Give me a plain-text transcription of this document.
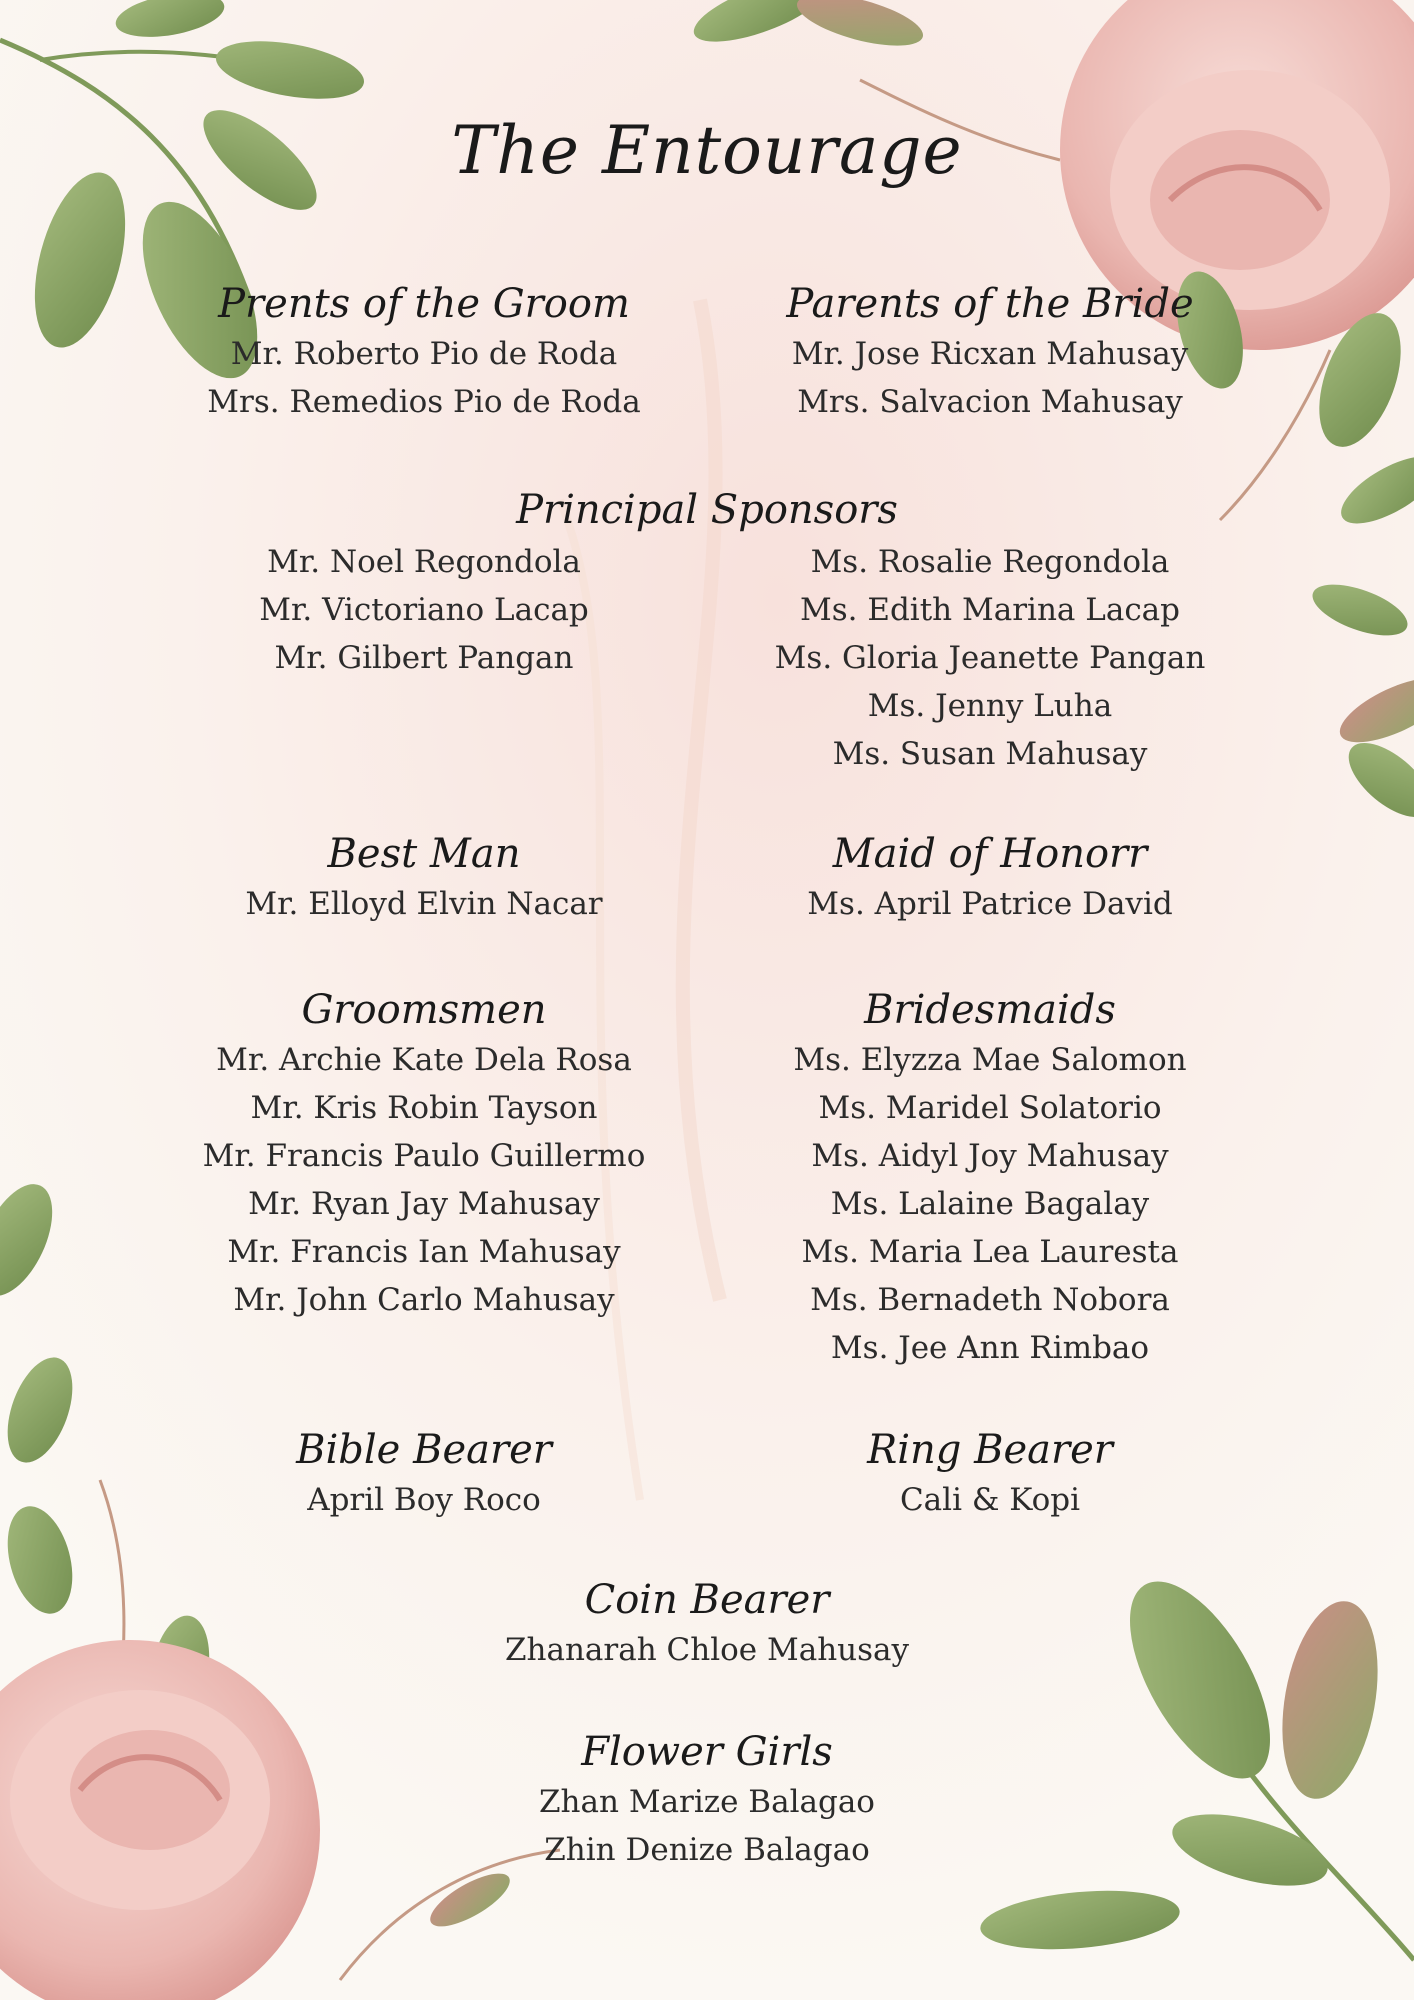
The Entourage
Prents of the Groom
Mr. Roberto Pio de Roda
Mrs. Remedios Pio de Roda
Parents of the Bride
Mr. Jose Ricxan Mahusay
Mrs. Salvacion Mahusay
Principal Sponsors
Mr. Noel Regondola
Mr. Victoriano Lacap
Mr. Gilbert Pangan
Ms. Rosalie Regondola
Ms. Edith Marina Lacap
Ms. Gloria Jeanette Pangan
Ms. Jenny Luha
Ms. Susan Mahusay
Best Man
Mr. Elloyd Elvin Nacar
Maid of Honorr
Ms. April Patrice David
Groomsmen
Mr. Archie Kate Dela Rosa
Mr. Kris Robin Tayson
Mr. Francis Paulo Guillermo
Mr. Ryan Jay Mahusay
Mr. Francis Ian Mahusay
Mr. John Carlo Mahusay
Bridesmaids
Ms. Elyzza Mae Salomon
Ms. Maridel Solatorio
Ms. Aidyl Joy Mahusay
Ms. Lalaine Bagalay
Ms. Maria Lea Lauresta
Ms. Bernadeth Nobora
Ms. Jee Ann Rimbao
Bible Bearer
April Boy Roco
Ring Bearer
Cali & Kopi
Coin Bearer
Zhanarah Chloe Mahusay
Flower Girls
Zhan Marize Balagao
Zhin Denize Balagao
